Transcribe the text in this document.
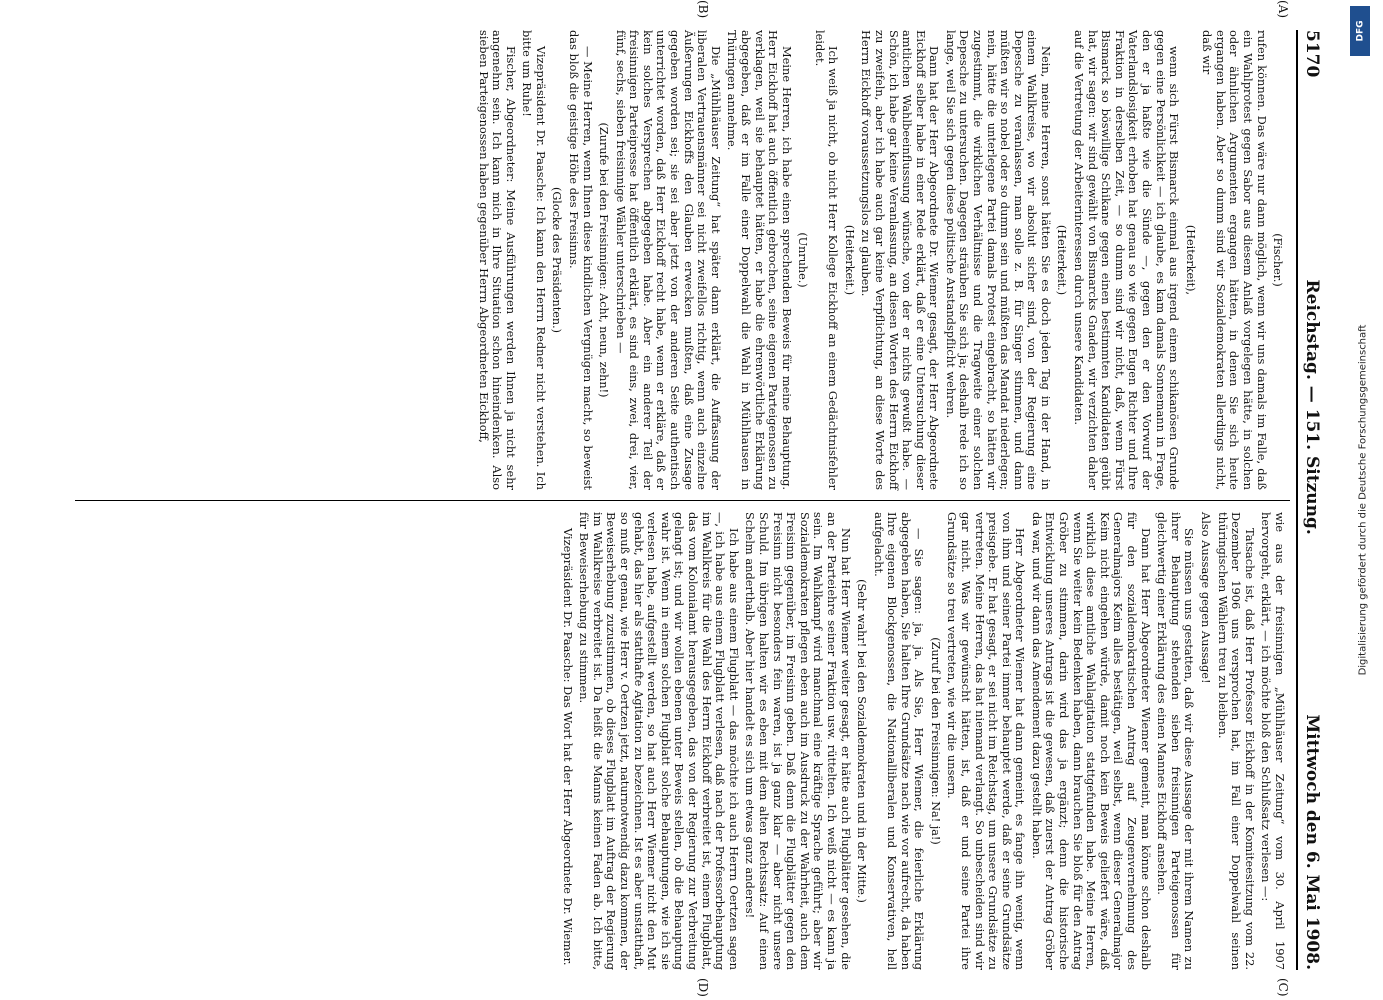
DFG
Digitalisierung gefördert durch die Deutsche Forschungsgemeinschaft
5170
Reichstag. — 151. Sitzung.
Mittwoch den 6. Mai 1908.
(A)
(B)
(C)
(D)

(Fischer.)

rufen können. Das wäre nur dann möglich, wenn wir uns damals im Falle, daß ein Wahlprotest gegen Sabor aus diesem Anlaß vorgelegen hätte, in solchen oder ähnlichen Argumenten ergangen hätten, in denen Sie sich heute ergangen haben. Aber so dumm sind wir Sozialdemokraten allerdings nicht, daß wir

(Heiterkeit),

wenn sich Fürst Bismarck einmal aus irgend einem schikanösen Grunde gegen eine Persönlichkeit — ich glaube, es kam damals Sonnemann in Frage, den er ja haßte wie die Sünde —, gegen den er den Vorwurf der Vaterlandslosigkeit erhoben hat genau so wie gegen Eugen Richter und Ihre Fraktion in derselben Zeit, — so dumm sind wir nicht, daß, wenn Fürst Bismarck so böswillige Schikane gegen einen bestimmten Kandidaten geübt hat, wir sagen: wir sind gewählt von Bismarcks Gnaden, wir verzichten daher auf die Vertretung der Arbeiterinteressen durch unsere Kandidaten.

(Heiterkeit.)

Nein, meine Herren, sonst hätten Sie es doch jeden Tag in der Hand, in einem Wahlkreise, wo wir absolut sicher sind, von der Regierung eine Depesche zu veranlassen, man solle z. B. für Singer stimmen, und dann müßten wir so nobel oder so dumm sein und müßten das Mandat niederlegen; nein, hätte die unterlegene Partei damals Protest eingebracht, so hätten wir zugestimmt, die wirklichen Verhältnisse und die Tragweite einer solchen Depesche zu untersuchen. Dagegen sträuben Sie sich ja; deshalb rede ich so lange, weil Sie sich gegen diese politische Anstandspflicht wehren.

Dann hat der Herr Abgeordnete Dr. Wiemer gesagt, der Herr Abgeordnete Eickhoff selber habe in einer Rede erklärt, daß er eine Untersuchung dieser amtlichen Wahlbeeinflussung wünsche, von der er nichts gewußt habe. — Schön, ich habe gar keine Veranlassung, an diesen Worten des Herrn Eickhoff zu zweifeln, aber ich habe auch gar keine Verpflichtung, an diese Worte des Herrn Eickhoff voraussetzungslos zu glauben.

(Heiterkeit.)

Ich weiß ja nicht, ob nicht Herr Kollege Eickhoff an einem Gedächtnisfehler leidet.

(Unruhe.)

Meine Herren, ich habe einen sprechenden Beweis für meine Behauptung. Herr Eickhoff hat auch öffentlich gebrochen, seine eigenen Parteigenossen zu verklagen, weil sie behauptet hätten, er habe die ehrenwörtliche Erklärung abgegeben, daß er im Falle einer Doppelwahl die Wahl in Mühlhausen in Thüringen annehme.

Die „Mühlhäuser Zeitung“ hat später dann erklärt, die Auffassung der liberalen Vertrauensmänner sei nicht zweifellos richtig, wenn auch einzelne Äußerungen Eickhoffs den Glauben erwecken mußten, daß eine Zusage gegeben worden sei; sie sei aber jetzt von der anderen Seite authentisch unterrichtet worden, daß Herr Eickhoff recht habe, wenn er erkläre, daß er kein solches Versprechen abgegeben habe. Aber ein anderer Teil der freisinnigen Parteipresse hat öffentlich erklärt, es sind eins, zwei, drei, vier, fünf, sechs, sieben freisinnige Wähler unterschrieben —

(Zurufe bei den Freisinnigen: Acht, neun, zehn!)

— Meine Herren, wenn Ihnen diese kindlichen Vergnügen macht, so beweist das bloß die geistige Höhe des Freisinns.

(Glocke des Präsidenten.)

Vizepräsident Dr. Paasche: Ich kann den Herrn Redner nicht verstehen. Ich bitte um Ruhe!

Fischer, Abgeordneter: Meine Ausführungen werden Ihnen ja nicht sehr angenehm sein. Ich kann mich in Ihre Situation schon hineindenken. Also sieben Parteigenossen haben gegenüber Herrn Abgeordneten Eickhoff,

wie aus der freisinnigen „Mühlhäuser Zeitung“ vom 30. April 1907 hervorgeht, erklärt, — ich möchte bloß den Schlußsatz verlesen —:

Tatsache ist, daß Herr Professor Eickhoff in der Komiteesitzung vom 22. Dezember 1906 uns versprochen hat, im Fall einer Doppelwahl seinen thüringischen Wählern treu zu bleiben.

Also Aussage gegen Aussage!

Sie müssen uns gestatten, daß wir diese Aussage der mit ihrem Namen zu ihrer Behauptung stehenden sieben freisinnigen Parteigenossen für gleichwertig einer Erklärung des einen Mannes Eickhoff ansehen.

Dann hat Herr Abgeordneter Wiemer gemeint, man könne schon deshalb für den sozialdemokratischen Antrag auf Zeugenvernehmung des Generalmajors Keim alles bestätigen, weil selbst, wenn dieser Generalmajor Keim nicht eingehen würde, damit noch kein Beweis geliefert wäre, daß wirklich diese amtliche Wahlagitation stattgefunden habe. Meine Herren, wenn Sie weiter kein Bedenken haben, dann brauchen Sie bloß für den Antrag Gröber zu stimmen, darin wird das ja ergänzt; denn die historische Entwicklung unseres Antrags ist die gewesen, daß zuerst der Antrag Gröber da war, und wir dann das Amendement dazu gestellt haben.

Herr Abgeordneter Wiemer hat dann gemeint, es fange ihn wenig, wenn von ihm und seiner Partei immer behauptet werde, daß er seine Grundsätze preisgebe. Er hat gesagt, er sei nicht im Reichstag, um unsere Grundsätze zu vertreten. Meine Herren, das hat niemand verlangt. So unbescheiden sind wir gar nicht. Was wir gewünscht hätten, ist, daß er und seine Partei ihre Grundsätze so treu vertreten, wie wir die unsern.

(Zuruf bei den Freisinnigen: Na! ja!)

— Sie sagen: ja, ja. Als Sie, Herr Wiemer, die feierliche Erklärung abgegeben haben, Sie halten Ihre Grundsätze nach wie vor aufrecht, da haben Ihre eigenen Blockgenossen, die Nationalliberalen und Konservativen, hell aufgelacht.

(Sehr wahr! bei den Sozialdemokraten und in der Mitte.)

Nun hat Herr Wiemer weiter gesagt, er hätte auch Flugblätter gesehen, die an der Parteiehre seiner Fraktion usw. rüttelten. Ich weiß nicht — es kann ja sein. Im Wahlkampf wird manchmal eine kräftige Sprache geführt; aber wir Sozialdemokraten pflegen eben auch im Ausdruck zu der Wahrheit, auch dem Freisinn gegenüber, im Freisinn geben. Daß denn die Flugblätter gegen den Freisinn nicht besonders fein waren, ist ja ganz klar — aber nicht unsere Schuld. Im übrigen halten wir es eben mit dem alten Rechtssatz: Auf einen Schelm anderthalb. Aber hier handelt es sich um etwas ganz anderes!

Ich habe aus einem Flugblatt — das möchte ich auch Herrn Oertzen sagen —, ich habe aus einem Flugblatt verlesen, daß nach der Professorbehauptung im Wahlkreis für die Wahl des Herrn Eickhoff verbreitet ist, einem Flugblatt, das vom Kolonialamt herausgegeben, das von der Regierung zur Verbreitung gelangt ist; und wir wollen ebenen unter Beweis stellen, ob die Behauptung wahr ist. Wenn in einem solchen Flugblatt solche Behauptungen, wie ich sie verlesen habe, aufgestellt werden, so hat auch Herr Wiemer nicht den Mut gehabt, das hier als statthafte Agitation zu bezeichnen. Ist es aber unstatthaft, so muß er genau, wie Herr v. Oertzen jetzt, naturnotwendig dazu kommen, der Beweiserhebung zuzustimmen, ob dieses Flugblatt im Auftrag der Regierung im Wahlkreise verbreitet ist. Da heißt die Manns keinen Faden ab. Ich bitte, für Beweiserhebung zu stimmen.

Vizepräsident Dr. Paasche: Das Wort hat der Herr Abgeordnete Dr. Wiemer.
